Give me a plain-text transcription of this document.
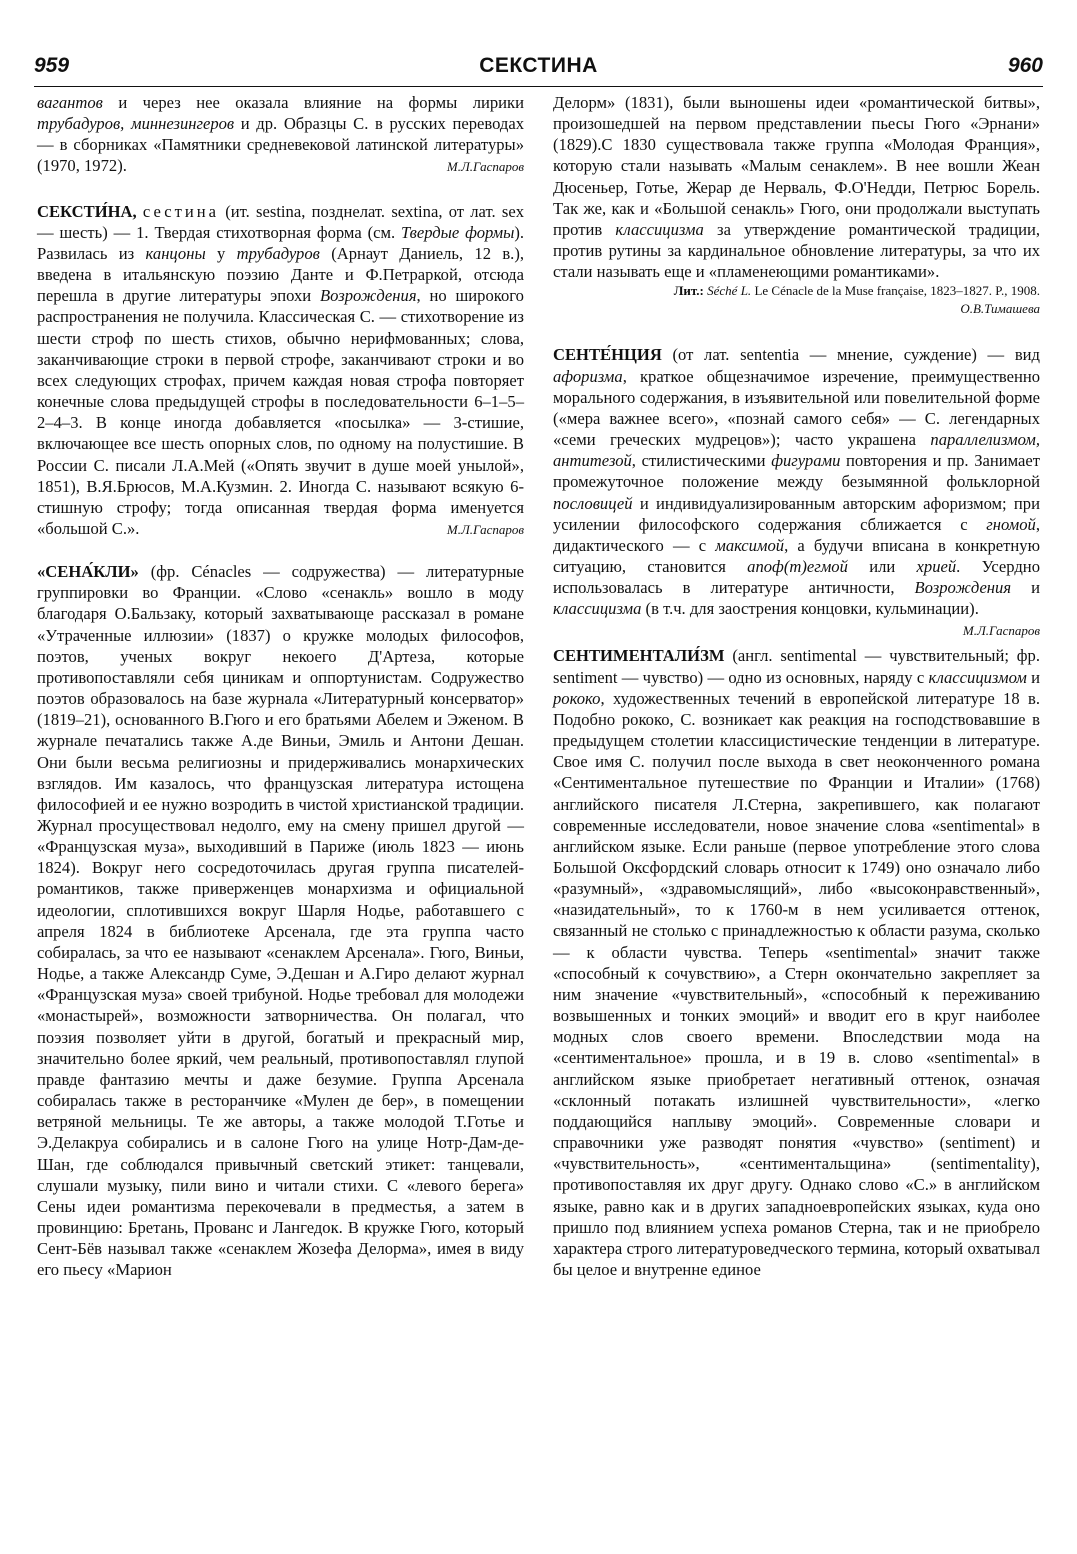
959	СЕКСТИНА	960

вагантов и через нее оказала влияние на формы лирики трубадуров, миннезингеров и др. Образцы С. в русских переводах — в сборниках «Памятники средневековой латинской литературы» (1970, 1972).	М.Л.Гаспаров

СЕКСТИ́НА, сестина (ит. sestina, позднелат. sextina, от лат. sex — шесть) — 1. Твердая стихотворная форма (см. Твердые формы). Развилась из канцоны у трубадуров (Арнаут Даниель, 12 в.), введена в итальянскую поэзию Данте и Ф.Петраркой, отсюда перешла в другие литературы эпохи Возрождения, но широкого распространения не получила. Классическая С. — стихотворение из шести строф по шесть стихов, обычно нерифмованных; слова, заканчивающие строки в первой строфе, заканчивают строки и во всех следующих строфах, причем каждая новая строфа повторяет конечные слова предыдущей строфы в последовательности 6–1–5–2–4–3. В конце иногда добавляется «посылка» — 3-стишие, включающее все шесть опорных слов, по одному на полустишие. В России С. писали Л.А.Мей («Опять звучит в душе моей унылой», 1851), В.Я.Брюсов, М.А.Кузмин. 2. Иногда С. называют всякую 6-стишную строфу; тогда описанная твердая форма именуется «большой С.».	М.Л.Гаспаров

«СЕНА́КЛИ» (фр. Cénacles — содружества) — литературные группировки во Франции. «Слово «сенакль» вошло в моду благодаря О.Бальзаку, который захватывающе рассказал в романе «Утраченные иллюзии» (1837) о кружке молодых философов, поэтов, ученых вокруг некоего Д'Артеза, которые противопоставляли себя циникам и оппортунистам. Содружество поэтов образовалось на базе журнала «Литературный консерватор» (1819–21), основанного В.Гюго и его братьями Абелем и Эженом. В журнале печатались также А.де Виньи, Эмиль и Антони Дешан. Они были весьма религиозны и придерживались монархических взглядов. Им казалось, что французская литература истощена философией и ее нужно возродить в чистой христианской традиции. Журнал просуществовал недолго, ему на смену пришел другой — «Французская муза», выходивший в Париже (июль 1823 — июнь 1824). Вокруг него сосредоточилась другая группа писателей-романтиков, также приверженцев монархизма и официальной идеологии, сплотившихся вокруг Шарля Нодье, работавшего с апреля 1824 в библиотеке Арсенала, где эта группа часто собиралась, за что ее называют «сенаклем Арсенала». Гюго, Виньи, Нодье, а также Александр Суме, Э.Дешан и А.Гиро делают журнал «Французская муза» своей трибуной. Нодье требовал для молодежи «монастырей», возможности затворничества. Он полагал, что поэзия позволяет уйти в другой, богатый и прекрасный мир, значительно более яркий, чем реальный, противопоставлял глупой правде фантазию мечты и даже безумие. Группа Арсенала собиралась также в ресторанчике «Мулен де бер», в помещении ветряной мельницы. Те же авторы, а также молодой Т.Готье и Э.Делакруа собирались и в салоне Гюго на улице Нотр-Дам-де-Шан, где соблюдался привычный светский этикет: танцевали, слушали музыку, пили вино и читали стихи. С «левого берега» Сены идеи романтизма перекочевали в предместья, а затем в провинцию: Бретань, Прованс и Лангедок. В кружке Гюго, который Сент-Бёв называл также «сенаклем Жозефа Делорма», имея в виду его пьесу «Марион

Делорм» (1831), были выношены идеи «романтической битвы», произошедшей на первом представлении пьесы Гюго «Эрнани» (1829).С 1830 существовала также группа «Молодая Франция», которую стали называть «Малым сенаклем». В нее вошли Жеан Дюсеньер, Готье, Жерар де Нерваль, Ф.О'Недди, Петрюс Борель. Так же, как и «Большой сенакль» Гюго, они продолжали выступать против классицизма за утверждение романтической традиции, против рутины за кардинальное обновление литературы, за что их стали называть еще и «пламенеющими романтиками».

Лит.: Séché L. Le Cénacle de la Muse française, 1823–1827. P., 1908.

О.В.Тимашева

СЕНТЕ́НЦИЯ (от лат. sententia — мнение, суждение) — вид афоризма, краткое общезначимое изречение, преимущественно морального содержания, в изъявительной или повелительной форме («мера важнее всего», «познай самого себя» — С. легендарных «семи греческих мудрецов»); часто украшена параллелизмом, антитезой, стилистическими фигурами повторения и пр. Занимает промежуточное положение между безымянной фольклорной пословицей и индивидуализированным авторским афоризмом; при усилении философского содержания сближается с гномой, дидактического — с максимой, а будучи вписана в конкретную ситуацию, становится апоф(т)егмой или хрией. Усердно использовалась в литературе античности, Возрождения и классицизма (в т.ч. для заострения концовки, кульминации).
М.Л.Гаспаров

СЕНТИМЕНТАЛИ́ЗМ (англ. sentimental — чувствительный; фр. sentiment — чувство) — одно из основных, наряду с классицизмом и рококо, художественных течений в европейской литературе 18 в. Подобно рококо, С. возникает как реакция на господствовавшие в предыдущем столетии классицистические тенденции в литературе. Свое имя С. получил после выхода в свет неоконченного романа «Сентиментальное путешествие по Франции и Италии» (1768) английского писателя Л.Стерна, закрепившего, как полагают современные исследователи, новое значение слова «sentimental» в английском языке. Если раньше (первое употребление этого слова Большой Оксфордский словарь относит к 1749) оно означало либо «разумный», «здравомыслящий», либо «высоконравственный», «назидательный», то к 1760-м в нем усиливается оттенок, связанный не столько с принадлежностью к области разума, сколько — к области чувства. Теперь «sentimental» значит также «способный к сочувствию», а Стерн окончательно закрепляет за ним значение «чувствительный», «способный к переживанию возвышенных и тонких эмоций» и вводит его в круг наиболее модных слов своего времени. Впоследствии мода на «сентиментальное» прошла, и в 19 в. слово «sentimental» в английском языке приобретает негативный оттенок, означая «склонный потакать излишней чувствительности», «легко поддающийся наплыву эмоций». Современные словари и справочники уже разводят понятия «чувство» (sentiment) и «чувствительность», «сентиментальщина» (sentimentality), противопоставляя их друг другу. Однако слово «С.» в английском языке, равно как и в других западноевропейских языках, куда оно пришло под влиянием успеха романов Стерна, так и не приобрело характера строго литературоведческого термина, который охватывал бы целое и внутренне единое
